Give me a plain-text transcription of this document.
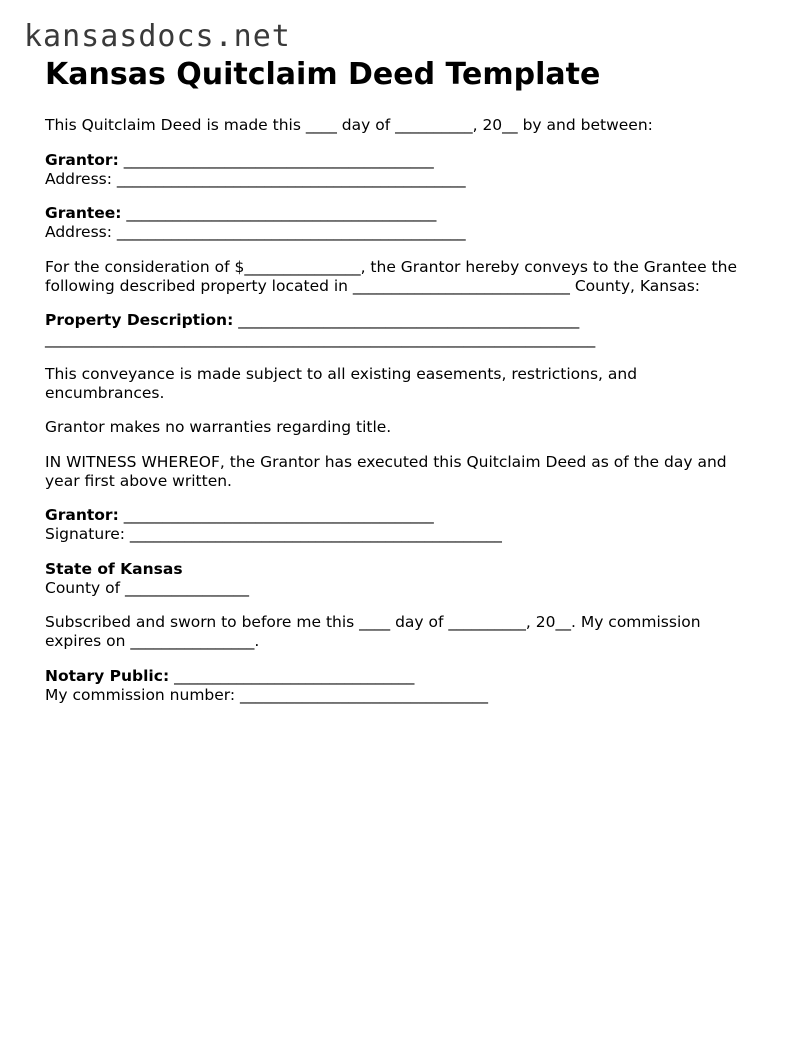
kansasdocs.net
Kansas Quitclaim Deed Template

This Quitclaim Deed is made this ____ day of __________, 20__ by and between:

Grantor: ________________________________________

Address: _____________________________________________

Grantee: ________________________________________

Address: _____________________________________________

For the consideration of $_______________, the Grantor hereby conveys to the Grantee the

following described property located in ____________________________ County, Kansas:

Property Description: ____________________________________________

_______________________________________________________________________

This conveyance is made subject to all existing easements, restrictions, and

encumbrances.

Grantor makes no warranties regarding title.

IN WITNESS WHEREOF, the Grantor has executed this Quitclaim Deed as of the day and

year first above written.

Grantor: ________________________________________

Signature: ________________________________________________

State of Kansas

County of ________________

Subscribed and sworn to before me this ____ day of __________, 20__. My commission

expires on ________________.

Notary Public: _______________________________

My commission number: ________________________________
